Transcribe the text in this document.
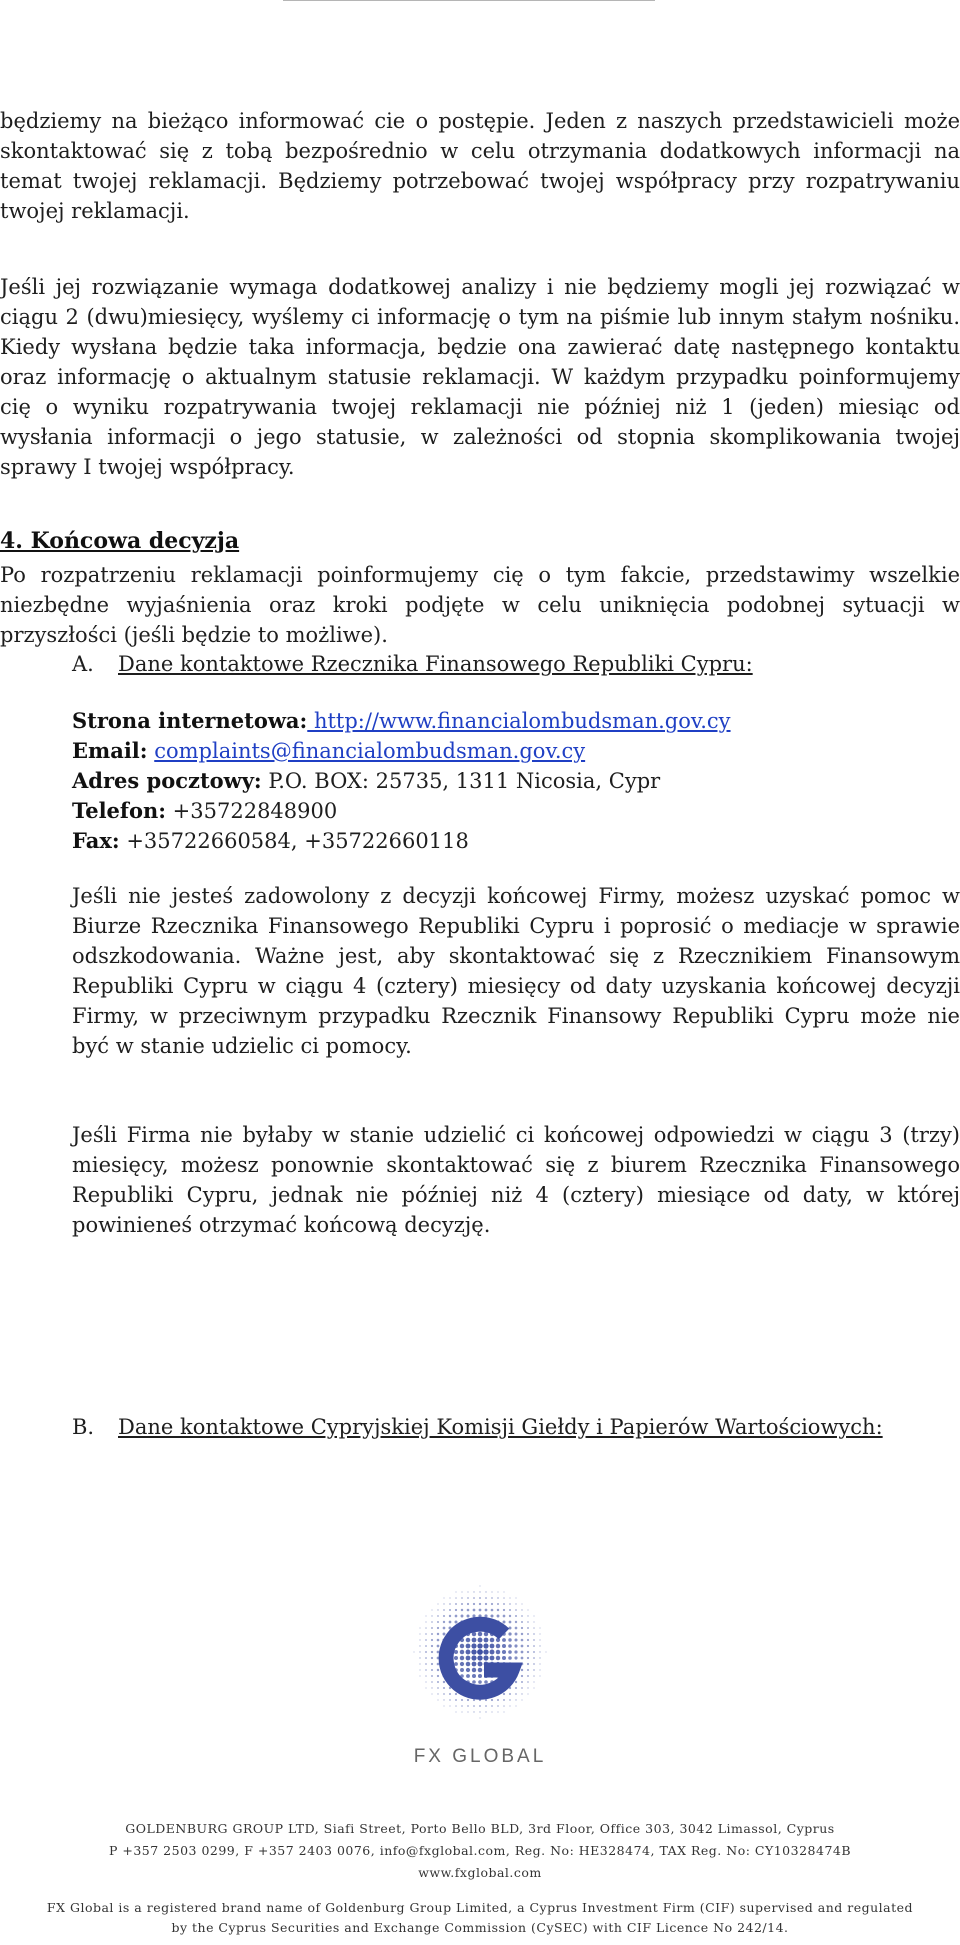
będziemy na bieżąco informować cie o postępie. Jeden z naszych przedstawicieli może skontaktować się z tobą bezpośrednio w celu otrzymania dodatkowych informacji na temat twojej reklamacji. Będziemy potrzebować twojej współpracy przy rozpatrywaniu twojej reklamacji.

Jeśli jej rozwiązanie wymaga dodatkowej analizy i nie będziemy mogli jej rozwiązać w ciągu 2 (dwu)miesięcy, wyślemy ci informację o tym na piśmie lub innym stałym nośniku. Kiedy wysłana będzie taka informacja, będzie ona zawierać datę następnego kontaktu oraz informację o aktualnym statusie reklamacji. W każdym przypadku poinformujemy cię o wyniku rozpatrywania twojej reklamacji nie później niż 1 (jeden) miesiąc od wysłania informacji o jego statusie, w zależności od stopnia skomplikowania twojej sprawy I twojej współpracy.

4. Końcowa decyzja

Po rozpatrzeniu reklamacji poinformujemy cię o tym fakcie, przedstawimy wszelkie niezbędne wyjaśnienia oraz kroki podjęte w celu uniknięcia podobnej sytuacji w przyszłości (jeśli będzie to możliwe).

A. Dane kontaktowe Rzecznika Finansowego Republiki Cypru:
Strona internetowa: http://www.financialombudsman.gov.cy
Email: complaints@financialombudsman.gov.cy
Adres pocztowy: P.O. BOX: 25735, 1311 Nicosia, Cypr
Telefon: +35722848900
Fax: +35722660584, +35722660118

Jeśli nie jesteś zadowolony z decyzji końcowej Firmy, możesz uzyskać pomoc w Biurze Rzecznika Finansowego Republiki Cypru i poprosić o mediacje w sprawie odszkodowania. Ważne jest, aby skontaktować się z Rzecznikiem Finansowym Republiki Cypru w ciągu 4 (cztery) miesięcy od daty uzyskania końcowej decyzji Firmy, w przeciwnym przypadku Rzecznik Finansowy Republiki Cypru może nie być w stanie udzielic ci pomocy.

Jeśli Firma nie byłaby w stanie udzielić ci końcowej odpowiedzi w ciągu 3 (trzy) miesięcy, możesz ponownie skontaktować się z biurem Rzecznika Finansowego Republiki Cypru, jednak nie później niż 4 (cztery) miesiące od daty, w której powinieneś otrzymać końcową decyzję.

B. Dane kontaktowe Cypryjskiej Komisji Giełdy i Papierów Wartościowych:
FX GLOBAL
GOLDENBURG GROUP LTD, Siafi Street, Porto Bello BLD, 3rd Floor, Office 303, 3042 Limassol, Cyprus
P +357 2503 0299, F +357 2403 0076, info@fxglobal.com, Reg. No: HE328474, TAX Reg. No: CY10328474B
www.fxglobal.com
FX Global is a registered brand name of Goldenburg Group Limited, a Cyprus Investment Firm (CIF) supervised and regulated
by the Cyprus Securities and Exchange Commission (CySEC) with CIF Licence No 242/14.
